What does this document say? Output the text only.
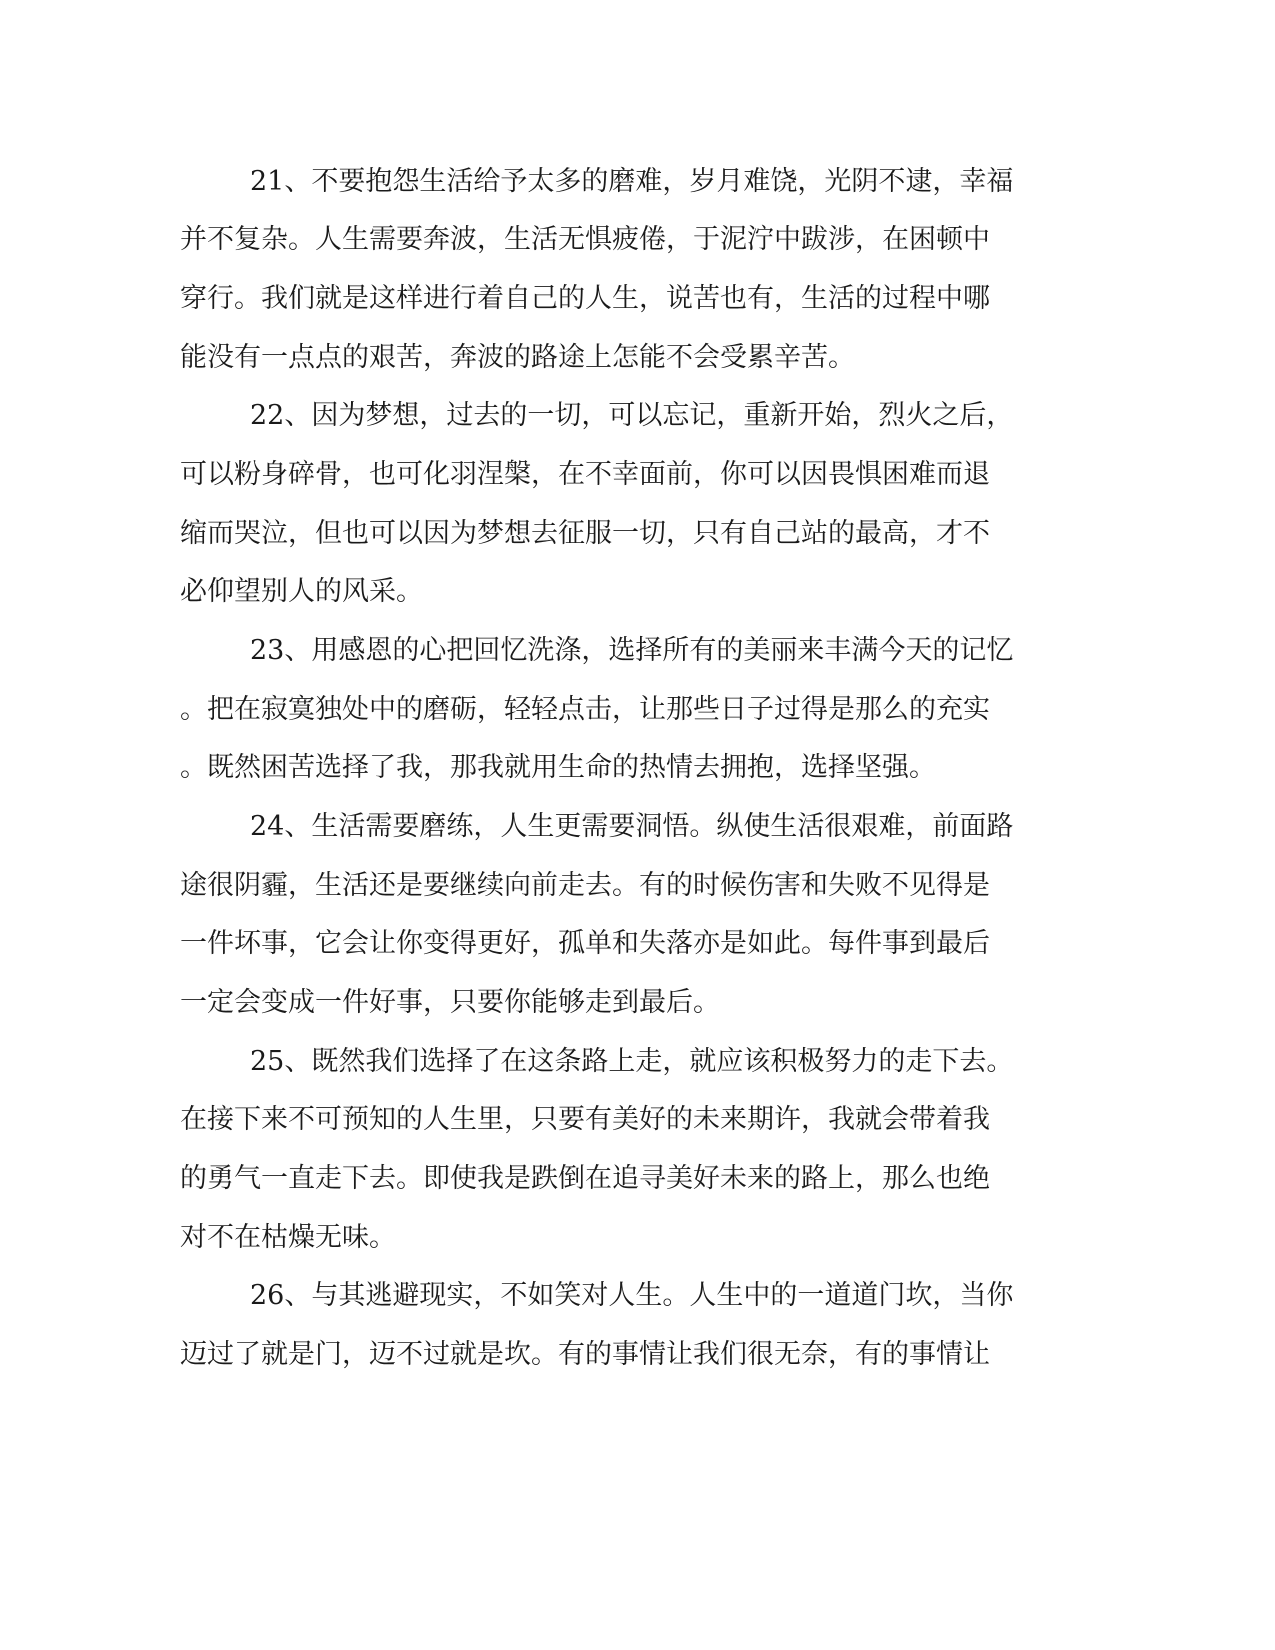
21、不要抱怨生活给予太多的磨难，岁月难饶，光阴不逮，幸福
并不复杂。人生需要奔波，生活无惧疲倦，于泥泞中跋涉，在困顿中
穿行。我们就是这样进行着自己的人生，说苦也有，生活的过程中哪
能没有一点点的艰苦，奔波的路途上怎能不会受累辛苦。
22、因为梦想，过去的一切，可以忘记，重新开始，烈火之后，
可以粉身碎骨，也可化羽涅槃，在不幸面前，你可以因畏惧困难而退
缩而哭泣，但也可以因为梦想去征服一切，只有自己站的最高，才不
必仰望别人的风采。
23、用感恩的心把回忆洗涤，选择所有的美丽来丰满今天的记忆
。把在寂寞独处中的磨砺，轻轻点击，让那些日子过得是那么的充实
。既然困苦选择了我，那我就用生命的热情去拥抱，选择坚强。
24、生活需要磨练，人生更需要洞悟。纵使生活很艰难，前面路
途很阴霾，生活还是要继续向前走去。有的时候伤害和失败不见得是
一件坏事，它会让你变得更好，孤单和失落亦是如此。每件事到最后
一定会变成一件好事，只要你能够走到最后。
25、既然我们选择了在这条路上走，就应该积极努力的走下去。
在接下来不可预知的人生里，只要有美好的未来期许，我就会带着我
的勇气一直走下去。即使我是跌倒在追寻美好未来的路上，那么也绝
对不在枯燥无味。
26、与其逃避现实，不如笑对人生。人生中的一道道门坎，当你
迈过了就是门，迈不过就是坎。有的事情让我们很无奈，有的事情让
